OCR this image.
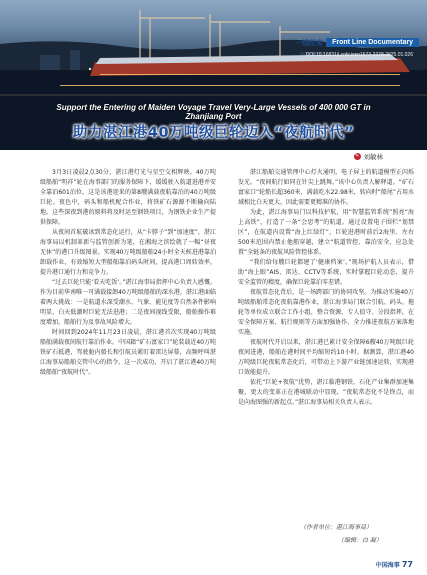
一线纪实	Front Line Documentary
DOI:10.16831/j.cnki.issn1673-2278.2025.01.026
Support the Entering of Maiden Voyage Travel Very-Large Vessels of 400 000 GT in
Zhanjiang Port
助力湛江港40万吨级巨轮迈入“夜航时代”
✎ 刘敏林

3月3日凌晨2点30分，湛江港灯光与星空交相辉映。40万吨级船舶“明祥”轮在海事部门的服务保障下，缓缓驶入航道进港并安全靠泊601泊位，这是该港迎来的第8艘满载夜航靠泊的40万吨级巨轮。夜色中，码头和船机配合作业，将铁矿石源源不断输向陆地。这些深夜到港的原料将及时运至钢铁项目，为钢铁企业生产提供保障。

从夜间首航破冰到常态化运行，从“卡脖子”到“加速度”，湛江海事局以机制革新与监管创新为笔，在湘海之滨绘就了一幅“昼夜无休”的港口升级图景。实现40万吨级船舶24小时全天候进港靠泊卸载作业，有效缩短大型船舶靠泊码头时间，提高港口周转效率，提升港口通行力和竞争力。

“过去巨轮只能‘看天吃饭’。”湛江海事局指挥中心负责人感慨。作为目前华南唯一可满载接卸40万吨级船舶的深水港，湛江港面临着两大挑战：一是航道水深受潮水、气象、能见度等自然条件影响明显，白天低潮时巨轮无法进港；二是夜间视线受限，船舶操作难度增加，船舶行为及事故风险增大。

时间回到2024年11月23日凌晨，湛江港首次实现40万吨级船舶满载夜间航行靠泊作业。中国籍“矿石富家口”轮装载近40万吨铁矿石抵港，驾驶舱内船长和引航员紧盯着雷达屏幕，高频呼叫湛江海事局船舶交管中心的指令。这一次成功，开启了湛江港40万吨级船舶“夜航时代”。

湛江船舶交通管理中心灯火通明，电子屏上的航道模型正闪烁发光。“夜间航行如同在针尖上跳舞。”该中心负责人解释道。“矿石富家口”轮船长超360米，满载吃水22.98米，转向时“船尾”占用水域相比白天更大，因此需要更精准的协作。

为此，湛江海事局门以科技护航，用“智慧监管系统”照亮“海上高铁”，打造了一条“会思考”的航道。通过设置电子围栏“划禁区”，在航道内设置“海上红绿灯”，巨轮进港时前后2海里、左右500米范围内禁止他船穿越，建立“航道管控、靠泊安全、应急处置”全链条的夜航风险管控体系。

“我们给每艘巨轮都建了‘健康档案’。”现场护航人员表示，借助“海上眼”AIS、雷达、CCTV等系统，实时掌握巨轮动态，提升安全监管的精度，确保巨轮靠泊零差错。

夜航常态化背后，是一场跨部门的协同攻坚。为推动实施40万吨级船舶常态化夜航靠港作业，湛江海事局门联合引航、码头、拖轮等单位成立联合工作小组，整合资源、专人值守、分段指挥，在安全保障方案、航行规则等方面加强协作，全力推进夜航方案落地实施。

夜航时代开启以来，湛江港已累计安全保障6艘40万吨级巨轮夜间进港，船舶在港时间平均缩短约10小时。据测算，湛江港40万吨级巨轮夜航常态化后，可带动上下游产业链加速运转，实现港口效能提升。

依托“巨轮+夜航”优势，湛江临港钢铁、石化产业集群加速集聚，更大的变革正在港城联动中显现。“夜航常态化不是终点，而是向海图强的新起点。”湛江海事局相关负责人表示。

（作者单位：湛江海事局）
（编辑：白 凝）
中国海事 77
